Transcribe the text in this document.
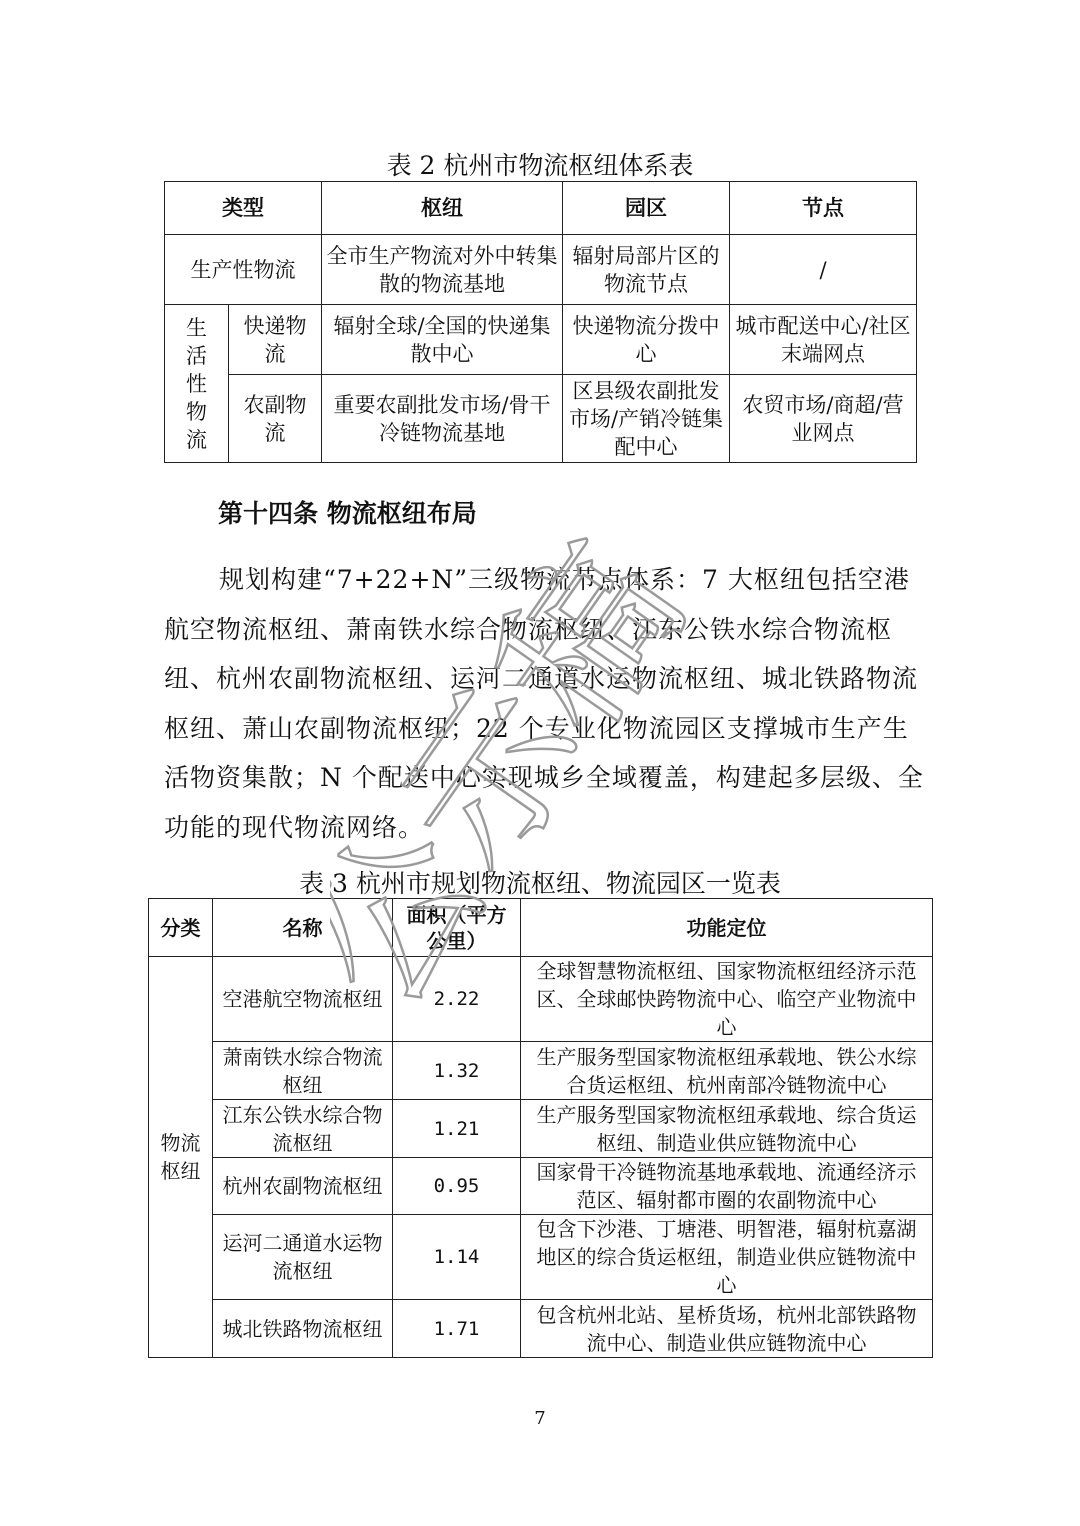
表 2 杭州市物流枢纽体系表
类型		枢纽	园区	节点
生产性物流		全市生产物流对外中转集散的物流基地	辐射局部片区的物流节点	/
生活性物流	快递物流	辐射全球/全国的快递集散中心	快递物流分拨中心	城市配送中心/社区末端网点
	农副物流	重要农副批发市场/骨干冷链物流基地	区县级农副批发市场/产销冷链集配中心	农贸市场/商超/营业网点
第十四条 物流枢纽布局

规划构建“7+22+N”三级物流节点体系：7 大枢纽包括空港航空物流枢纽、萧南铁水综合物流枢纽、江东公铁水综合物流枢纽、杭州农副物流枢纽、运河二通道水运物流枢纽、城北铁路物流枢纽、萧山农副物流枢纽；22 个专业化物流园区支撑城市生产生活物资集散；N 个配送中心实现城乡全域覆盖，构建起多层级、全功能的现代物流网络。

表 3 杭州市规划物流枢纽、物流园区一览表
分类	名称	面积（平方公里）	功能定位
物流枢纽	空港航空物流枢纽	2.22	全球智慧物流枢纽、国家物流枢纽经济示范区、全球邮快跨物流中心、临空产业物流中心
	萧南铁水综合物流枢纽	1.32	生产服务型国家物流枢纽承载地、铁公水综合货运枢纽、杭州南部冷链物流中心
	江东公铁水综合物流枢纽	1.21	生产服务型国家物流枢纽承载地、综合货运枢纽、制造业供应链物流中心
	杭州农副物流枢纽	0.95	国家骨干冷链物流基地承载地、流通经济示范区、辐射都市圈的农副物流中心
	运河二通道水运物流枢纽	1.14	包含下沙港、丁塘港、明智港，辐射杭嘉湖地区的综合货运枢纽，制造业供应链物流中心
	城北铁路物流枢纽	1.71	包含杭州北站、星桥货场，杭州北部铁路物流中心、制造业供应链物流中心
公示稿
7
